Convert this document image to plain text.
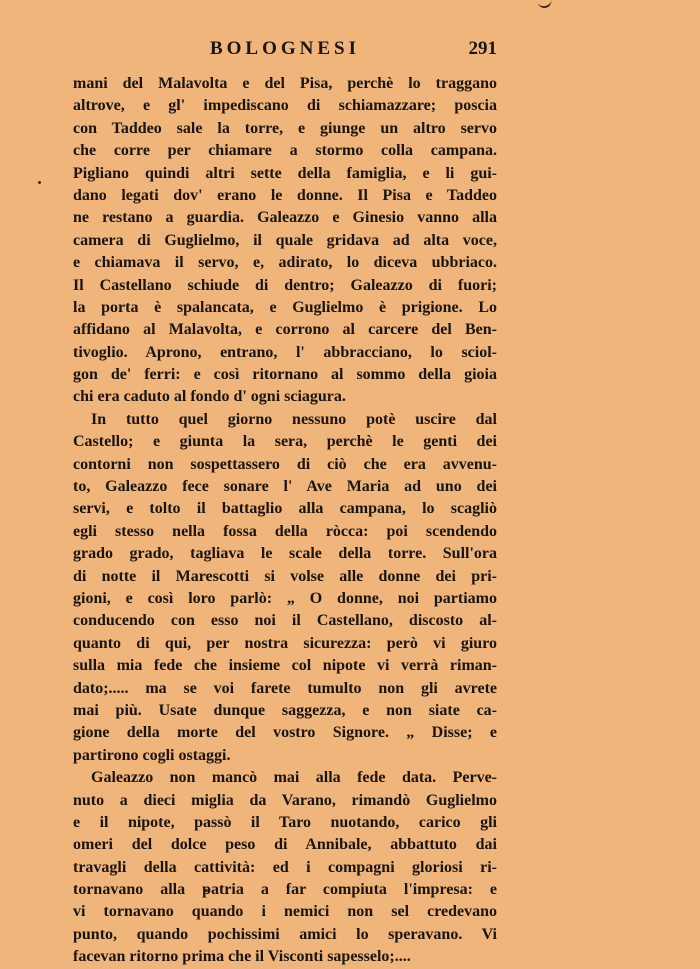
BOLOGNESI	291
mani del Malavolta e del Pisa, perchè lo traggano
altrove, e gl' impediscano di schiamazzare; poscia
con Taddeo sale la torre, e giunge un altro servo
che corre per chiamare a stormo colla campana.
Pigliano quindi altri sette della famiglia, e li gui-
dano legati dov' erano le donne. Il Pisa e Taddeo
ne restano a guardia. Galeazzo e Ginesio vanno alla
camera di Guglielmo, il quale gridava ad alta voce,
e chiamava il servo, e, adirato, lo diceva ubbriaco.
Il Castellano schiude di dentro; Galeazzo di fuori;
la porta è spalancata, e Guglielmo è prigione. Lo
affidano al Malavolta, e corrono al carcere del Ben-
tivoglio. Aprono, entrano, l' abbracciano, lo sciol-
gon de' ferri: e così ritornano al sommo della gioia
chi era caduto al fondo d' ogni sciagura.
In tutto quel giorno nessuno potè uscire dal
Castello; e giunta la sera, perchè le genti dei
contorni non sospettassero di ciò che era avvenu-
to, Galeazzo fece sonare l' Ave Maria ad uno dei
servi, e tolto il battaglio alla campana, lo scagliò
egli stesso nella fossa della ròcca: poi scendendo
grado grado, tagliava le scale della torre. Sull'ora
di notte il Marescotti si volse alle donne dei pri-
gioni, e così loro parlò: „ O donne, noi partiamo
conducendo con esso noi il Castellano, discosto al-
quanto di qui, per nostra sicurezza: però vi giuro
sulla mia fede che insieme col nipote vi verrà riman-
dato;..... ma se voi farete tumulto non gli avrete
mai più. Usate dunque saggezza, e non siate ca-
gione della morte del vostro Signore. „ Disse; e
partirono cogli ostaggi.
Galeazzo non mancò mai alla fede data. Perve-
nuto a dieci miglia da Varano, rimandò Guglielmo
e il nipote, passò il Taro nuotando, carico gli
omeri del dolce peso di Annibale, abbattuto dai
travagli della cattività: ed i compagni gloriosi ri-
tornavano alla patria a far compiuta l'impresa: e
vi tornavano quando i nemici non sel credevano
punto, quando pochissimi amici lo speravano. Vi
facevan ritorno prima che il Visconti sapesselo;....
